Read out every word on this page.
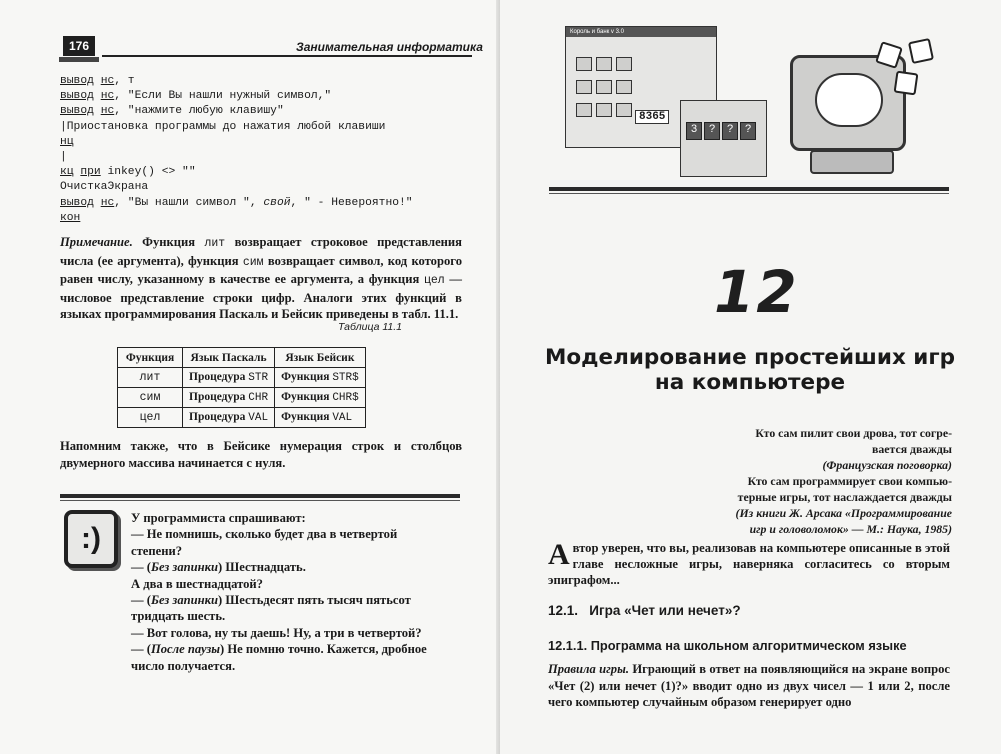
176	Занимательная информатика
вывод нс, т
вывод нс, "Если Вы нашли нужный символ,"
вывод нс, "нажмите любую клавишу"
|Приостановка программы до нажатия любой клавиши
нц
|
кц при inkey() <> ""
ОчисткаЭкрана
вывод нс, "Вы нашли символ ", свой, " - Невероятно!"
кон
Примечание. Функция лит возвращает строковое представления числа (ее аргумента), функция сим возвращает символ, код которого равен числу, указанному в качестве ее аргумента, а функция цел — числовое представление строки цифр. Аналоги этих функций в языках программирования Паскаль и Бейсик приведены в табл. 11.1.
Таблица 11.1
Функция	Язык Паскаль	Язык Бейсик
лит	Процедура STR	Функция STR$
сим	Процедура CHR	Функция CHR$
цел	Процедура VAL	Функция VAL
Напомним также, что в Бейсике нумерация строк и столбцов двумерного массива начинается с нуля.
:)
У программиста спрашивают:
— Не помнишь, сколько будет два в четвертой
степени?
— (Без запинки) Шестнадцать.
А два в шестнадцатой?
— (Без запинки) Шестьдесят пять тысяч пятьсот
тридцать шесть.
— Вот голова, ну ты даешь! Ну, а три в четвертой?
— (После паузы) Не помню точно. Кажется, дробное
число получается.
Король и банк v 3.0

8365
3 ? ? ?
12
Моделирование простейших игр
на компьютере
Кто сам пилит свои дрова, тот согре-
вается дважды
(Французская поговорка)
Кто сам программирует свои компью-
терные игры, тот наслаждается дважды
(Из книги Ж. Арсака «Программирование
игр и головоломок» — М.: Наука, 1985)
Автор уверен, что вы, реализовав на компьютере описанные в этой главе несложные игры, наверняка согласитесь со вторым эпиграфом...
12.1.   Игра «Чет или нечет»?
12.1.1. Программа на школьном алгоритмическом языке
Правила игры. Играющий в ответ на появляющийся на экране вопрос «Чет (2) или нечет (1)?» вводит одно из двух чисел — 1 или 2, после чего компьютер случайным образом генерирует одно
